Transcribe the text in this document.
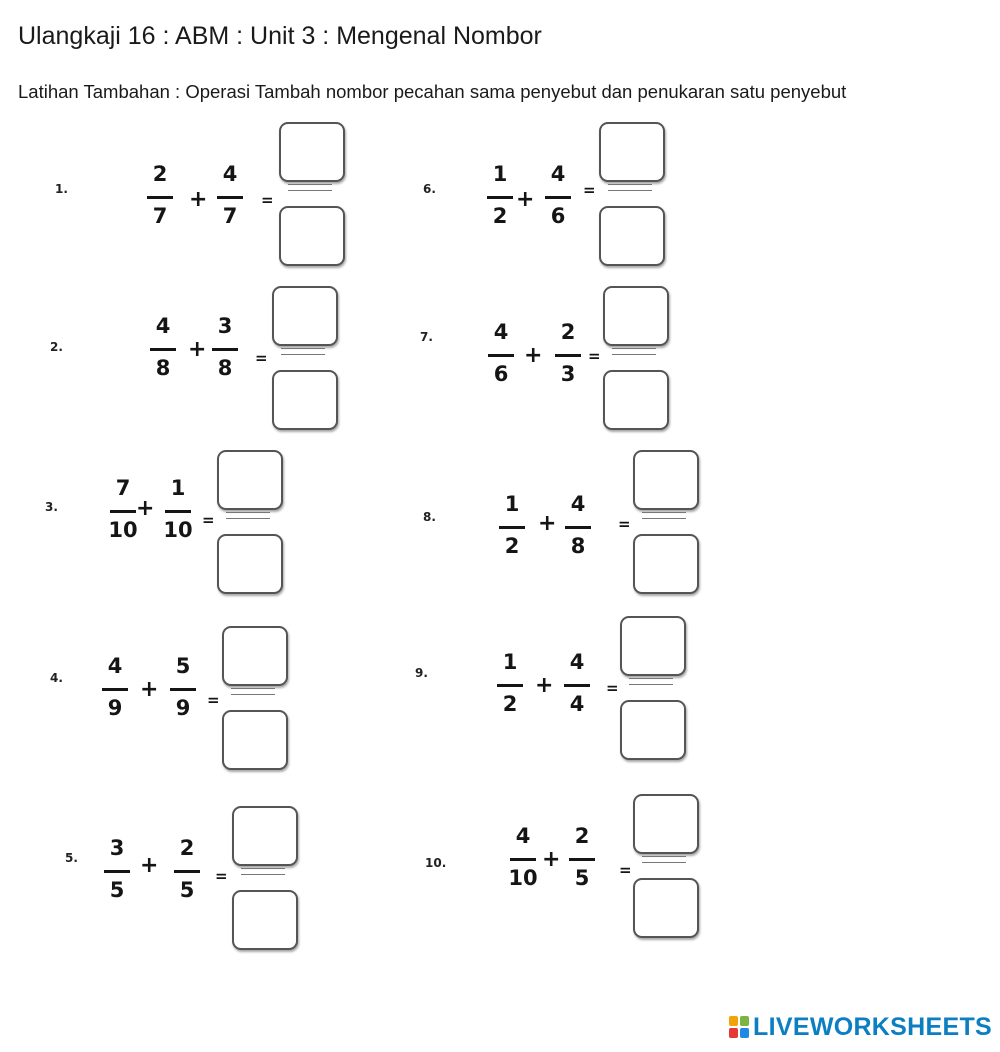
Ulangkaji 16 : ABM : Unit 3 : Mengenal Nombor
Latihan Tambahan : Operasi Tambah nombor pecahan sama penyebut dan penukaran satu penyebut
1.
2
7
4
7
+	=
2.
4
8
3
8
+	=
3.
7
10
1
10
+	=
4.	4
9
5
9
+	=
5.	3
5
2
5
+	=
6.
1
2
4
6
+	=
7.	4
6
2
3
+	=
8.
1
2
4
8
+	=
9.	1
2
4
4
+	=
10.
4
10
2
5
+	=
LIVEWORKSHEETS
